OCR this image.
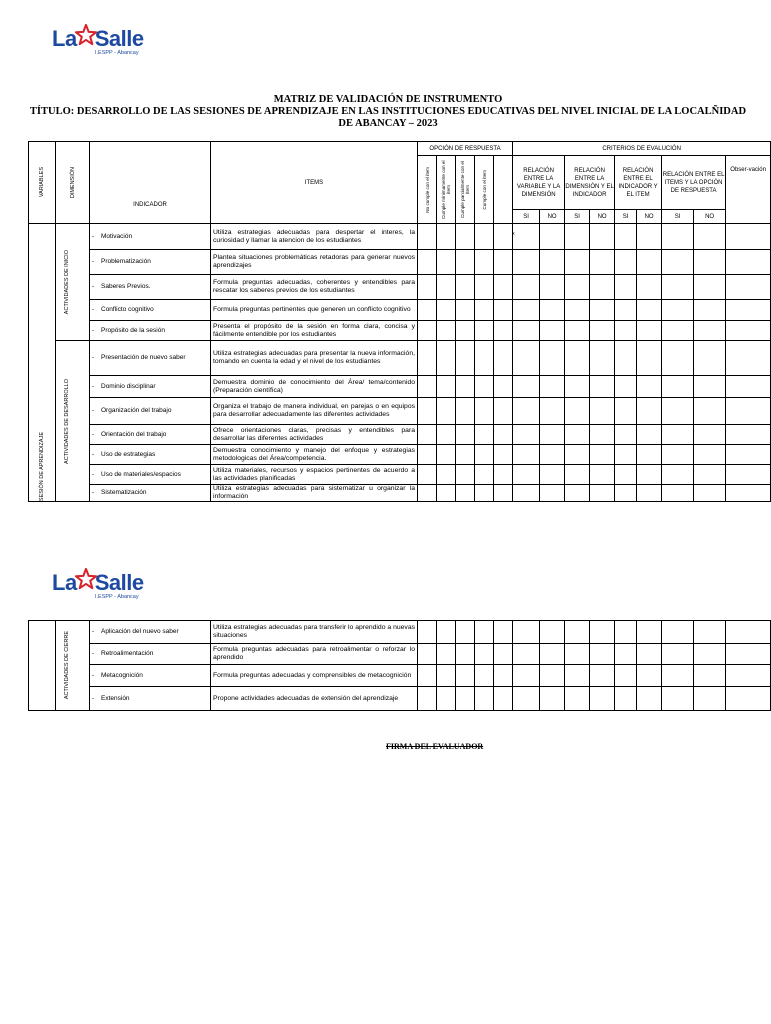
La Salle
I.ESPP - Abancay
MATRIZ DE VALIDACIÓN DE INSTRUMENTO
TÍTULO: DESARROLLO DE LAS SESIONES DE APRENDIZAJE EN LAS INSTITUCIONES EDUCATIVAS DEL NIVEL INICIAL DE LA LOCALÑIDAD DE ABANCAY – 2023
VARIABLES	DIMENSIÓN	INDICADOR	ITEMS	OPCIÓN DE RESPUESTA					CRITERIOS DE EVALUCIÓN								

				No cumple con el ítem	Cumple mínimamente con el ítem	Cumple parcialmente con el ítem	Cumple con el ítem		RELACIÓN ENTRE LA VARIABLE Y LA DIMENSIÓN		RELACIÓN ENTRE LA DIMENSIÓN Y EL INDICADOR		RELACIÓN ENTRE EL INDICADOR Y EL ITEM		RELACIÓN ENTRE EL ITEMS Y LA OPCIÓN DE RESPUESTA		Obser-vación
									SI	NO	SI	NO	SI	NO	SI	NO	

SESIÓN DE APRENDIZAJE	ACTIVIDADES DE INICIO	- Motivación	Utiliza estrategias adecuadas para despertar el interes, la curiosidad y llamar la atencion de los estudiantes						x								
		- Problematización	Plantea situaciones problemáticas retadoras para generar nuevos aprendizajes														
		- Saberes Previos.	Formula preguntas adecuadas, coherentes y entendibles para rescatar los saberes previos de los estudiantes														
		- Conflicto cognitivo	Formula preguntas pertinentes que generen un conflicto cognitivo														
		- Propósito de la sesión	Presenta el propósito de la sesión en forma clara, concisa y fácilmente entendible por los estudiantes														

	ACTIVIDADES DE DESARROLLO	- Presentación de nuevo saber	Utiliza estrategias adecuadas para presentar la nueva información, tomando en cuenta la edad y el nivel de los estudiantes														
		- Dominio disciplinar	Demuestra dominio de conocimiento del Área/ tema/contenido (Preparación científica)														
		- Organización del trabajo	Organiza el trabajo de manera individual, en parejas o en equipos para desarrollar adecuadamente las diferentes actividades														
		- Orientación del trabajo	Ofrece orientaciones claras, precisas y entendibles para desarrollar las diferentes actividades														
		- Uso de estrategias	Demuestra conocimiento y manejo del enfoque y estrategias metodologicas del Área/competencia.														
		- Uso de materiales/espacios	Utiliza materiales, recursos y espacios pertinentes de acuerdo a las actividades planificadas														
		- Sistematización	Utiliza estrategias adecuadas para sistematizar u organizar la información														
La Salle
I.ESPP - Abancay

	ACTIVIDADES DE CIERRE	- Aplicación del nuevo saber	Utiliza estrategias adecuadas para transferir lo aprendido a nuevas situaciones														
		- Retroalimentación	Formula preguntas adecuadas para retroalimentar o reforzar lo aprendido														
		- Metacognición	Formula preguntas adecuadas y comprensibles de metacognición														
		- Extensión	Propone actividades adecuadas de extensión del aprendizaje														
FIRMA DEL EVALUADOR
